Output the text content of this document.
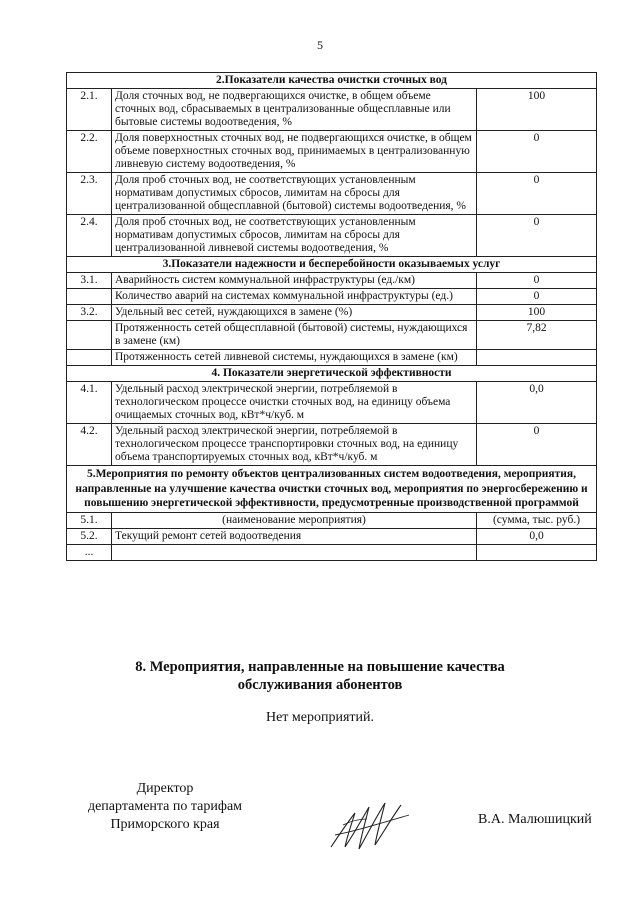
5
2.Показатели качества очистки сточных вод		
2.1.	Доля сточных вод, не подвергающихся очистке, в общем объеме сточных вод, сбрасываемых в централизованные общесплавные или бытовые системы водоотведения, %	100
2.2.	Доля поверхностных сточных вод, не подвергающихся очистке, в общем объеме поверхностных сточных вод, принимаемых в централизованную ливневую систему водоотведения, %	0
2.3.	Доля проб сточных вод, не соответствующих установленным нормативам допустимых сбросов, лимитам на сбросы для централизованной общесплавной (бытовой) системы водоотведения, %	0
2.4.	Доля проб сточных вод, не соответствующих установленным нормативам допустимых сбросов, лимитам на сбросы для централизованной ливневой системы водоотведения, %	0
3.Показатели надежности и бесперебойности оказываемых услуг		
3.1.	Аварийность систем коммунальной инфраструктуры (ед./км)	0
	Количество аварий на системах коммунальной инфраструктуры (ед.)	0
3.2.	Удельный вес сетей, нуждающихся в замене (%)	100
	Протяженность сетей общесплавной (бытовой) системы, нуждающихся в замене (км)	7,82
	Протяженность сетей ливневой системы, нуждающихся в замене (км)	
4. Показатели энергетической эффективности		
4.1.	Удельный расход электрической энергии, потребляемой в технологическом процессе очистки сточных вод, на единицу объема очищаемых сточных вод, кВт*ч/куб. м	0,0
4.2.	Удельный расход электрической энергии, потребляемой в технологическом процессе транспортировки сточных вод, на единицу объема транспортируемых сточных вод, кВт*ч/куб. м	0
5.Мероприятия по ремонту объектов централизованных систем водоотведения, мероприятия, направленные на улучшение качества очистки сточных вод, мероприятия по энергосбережению и повышению энергетической эффективности, предусмотренные производственной программой		
5.1.	(наименование мероприятия)	(сумма, тыс. руб.)
5.2.	Текущий ремонт сетей водоотведения	0,0
...		
8. Мероприятия, направленные на повышение качества
обслуживания абонентов
Нет мероприятий.
Директор
департамента по тарифам
Приморского края	В.А. Малюшицкий
